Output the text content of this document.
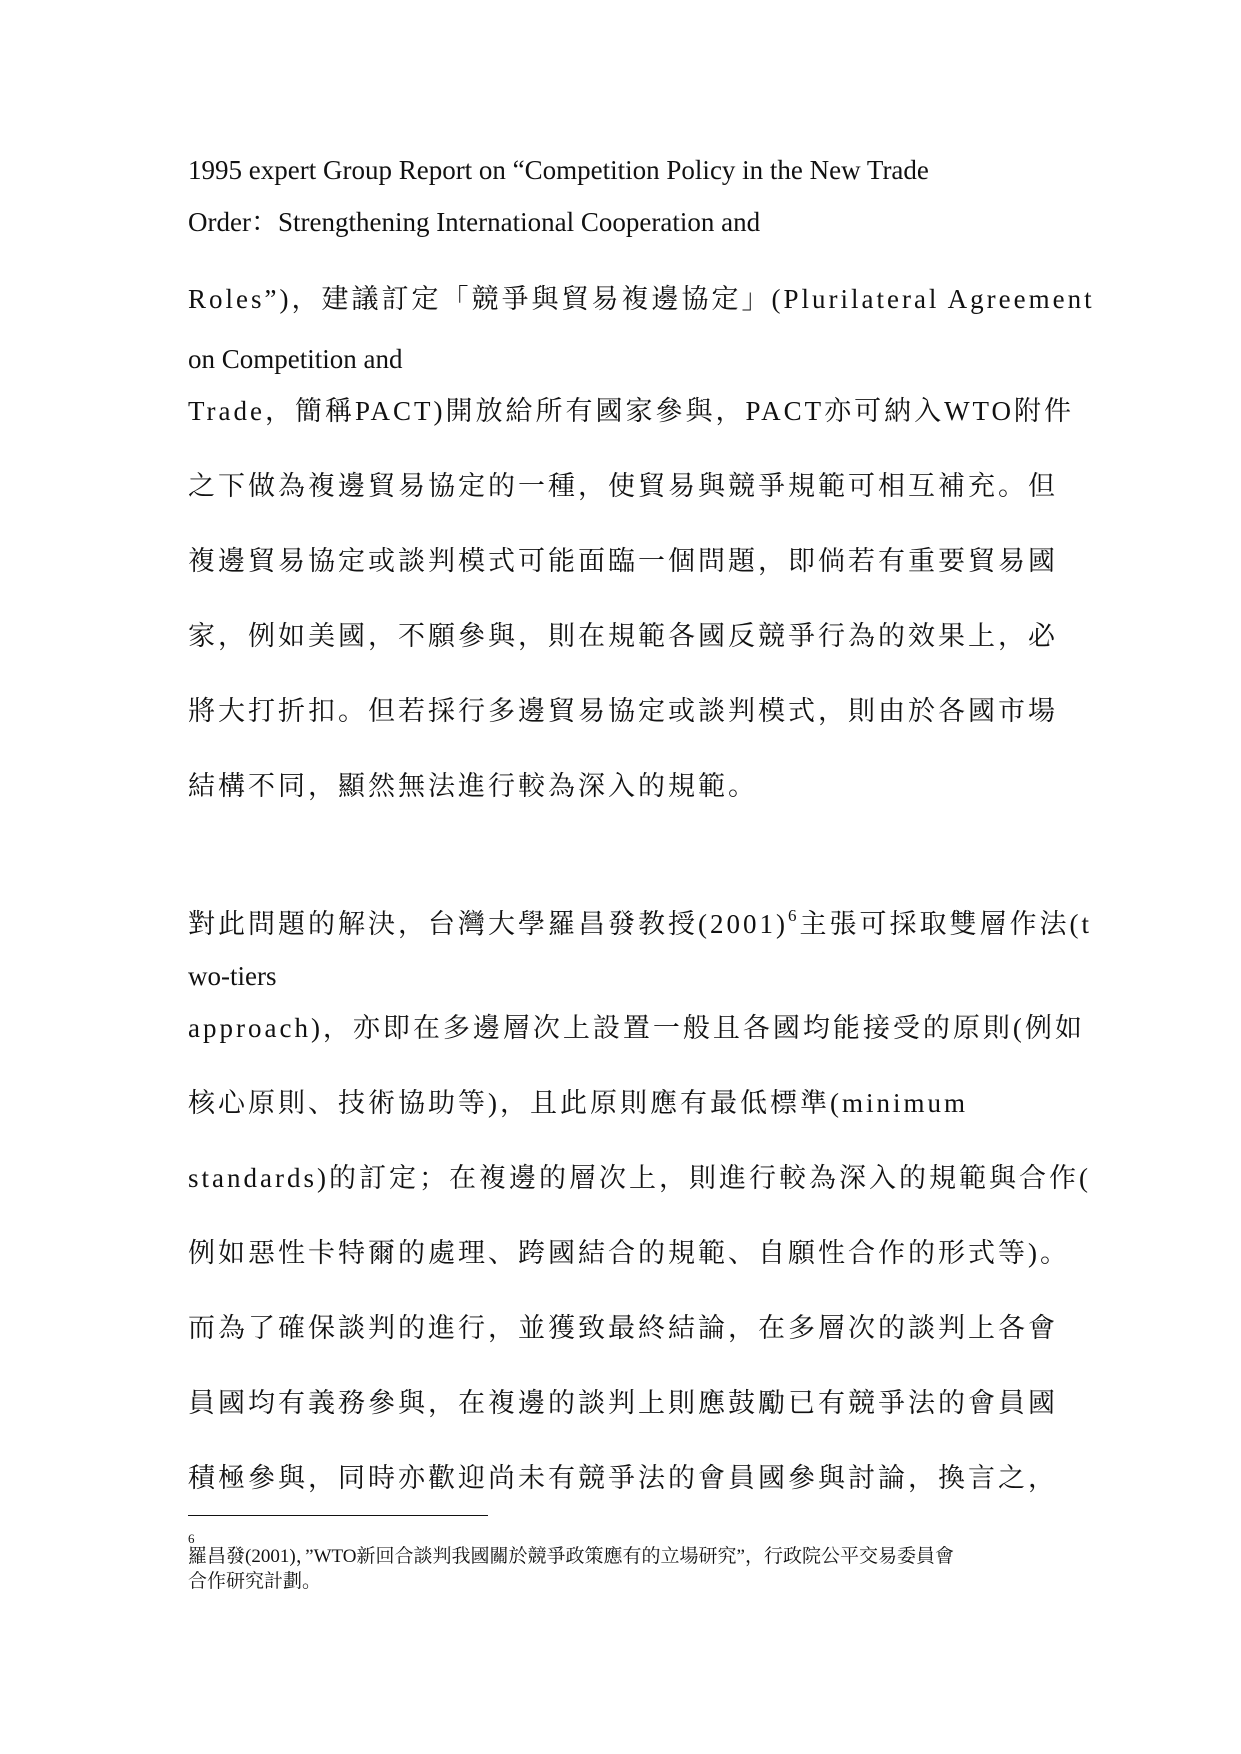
1995 expert Group Report on “Competition Policy in the New Trade
Order：Strengthening International Cooperation and
Roles”)，建議訂定「競爭與貿易複邊協定」(Plurilateral Agreement
on Competition and
Trade，簡稱PACT)開放給所有國家參與，PACT亦可納入WTO附件
之下做為複邊貿易協定的一種，使貿易與競爭規範可相互補充。但
複邊貿易協定或談判模式可能面臨一個問題，即倘若有重要貿易國
家，例如美國，不願參與，則在規範各國反競爭行為的效果上，必
將大打折扣。但若採行多邊貿易協定或談判模式，則由於各國市場
結構不同，顯然無法進行較為深入的規範。
對此問題的解決，台灣大學羅昌發教授$(2001)^6$主張可採取雙層作法(t
wo-tiers
approach)，亦即在多邊層次上設置一般且各國均能接受的原則(例如
核心原則、技術協助等)，且此原則應有最低標準(minimum
standards)的訂定；在複邊的層次上，則進行較為深入的規範與合作(
例如惡性卡特爾的處理、跨國結合的規範、自願性合作的形式等)。
而為了確保談判的進行，並獲致最終結論，在多層次的談判上各會
員國均有義務參與，在複邊的談判上則應鼓勵已有競爭法的會員國
積極參與，同時亦歡迎尚未有競爭法的會員國參與討論，換言之，
6
羅昌發(2001)，”WTO新回合談判我國關於競爭政策應有的立場研究”，行政院公平交易委員會
合作研究計劃。
